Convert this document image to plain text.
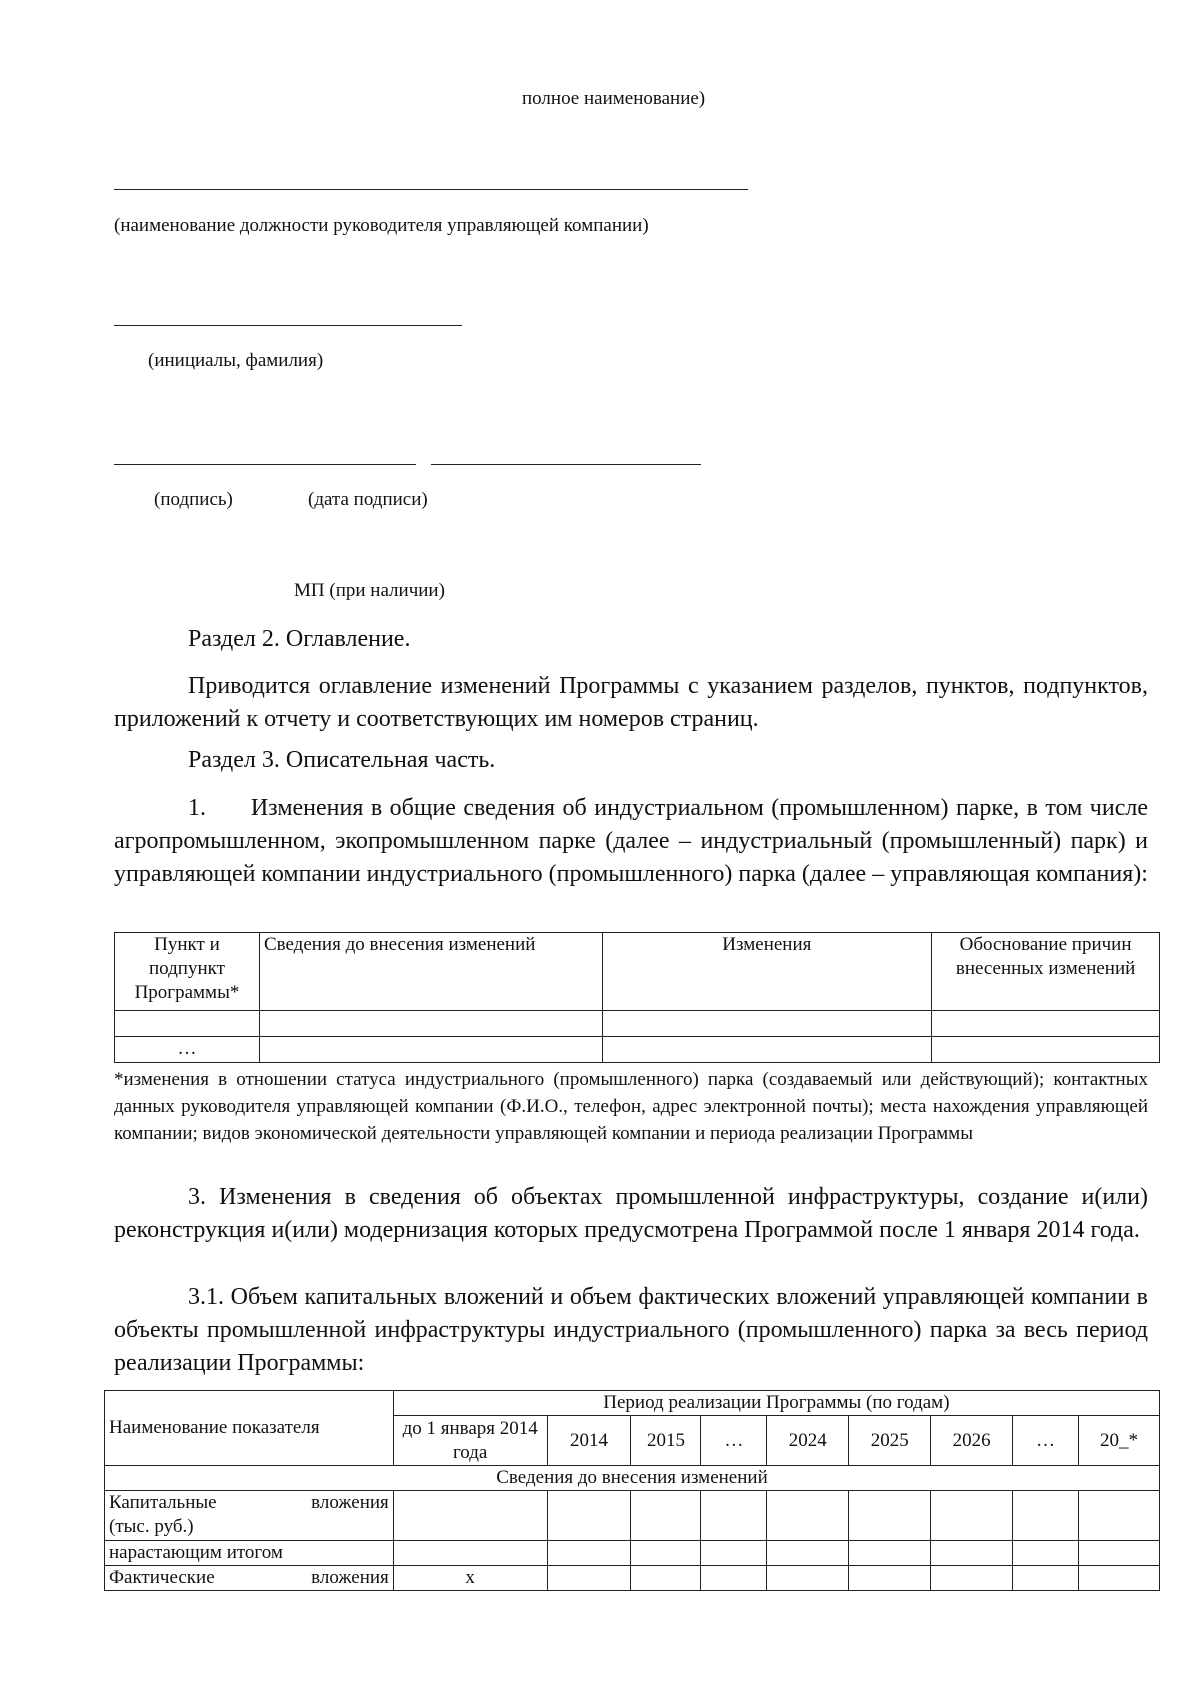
полное наименование)
(наименование должности руководителя управляющей компании)
(инициалы, фамилия)
(подпись)	(дата подписи)
МП (при наличии)
Раздел 2. Оглавление.
Приводится оглавление изменений Программы с указанием разделов, пунктов, подпунктов, приложений к отчету и соответствующих им номеров страниц.
Раздел 3. Описательная часть.
1.      Изменения в общие сведения об индустриальном (промышленном) парке, в том числе агропромышленном, экопромышленном парке (далее – индустриальный (промышленный) парк) и управляющей компании индустриального (промышленного) парка (далее – управляющая компания):
Пункт и подпункт Программы*	Сведения до внесения изменений	Изменения	Обоснование причин внесенных изменений

…			
*изменения в отношении статуса индустриального (промышленного) парка (создаваемый или действующий); контактных данных руководителя управляющей компании (Ф.И.О., телефон, адрес электронной почты); места нахождения управляющей компании; видов экономической деятельности управляющей компании и периода реализации Программы
3. Изменения в сведения об объектах промышленной инфраструктуры, создание и(или) реконструкция и(или) модернизация которых предусмотрена Программой после 1 января 2014 года.
3.1. Объем капитальных вложений и объем фактических вложений управляющей компании в объекты промышленной инфраструктуры индустриального (промышленного) парка за весь период реализации Программы:
Наименование показателя	Период реализации Программы (по годам)								
	до 1 января 2014 года	2014	2015	…	2024	2025	2026	…	20_*
Сведения до внесения изменений									

Капитальные вложения
(тыс. руб.)									

нарастающим итогом									

Фактические вложения	х								
